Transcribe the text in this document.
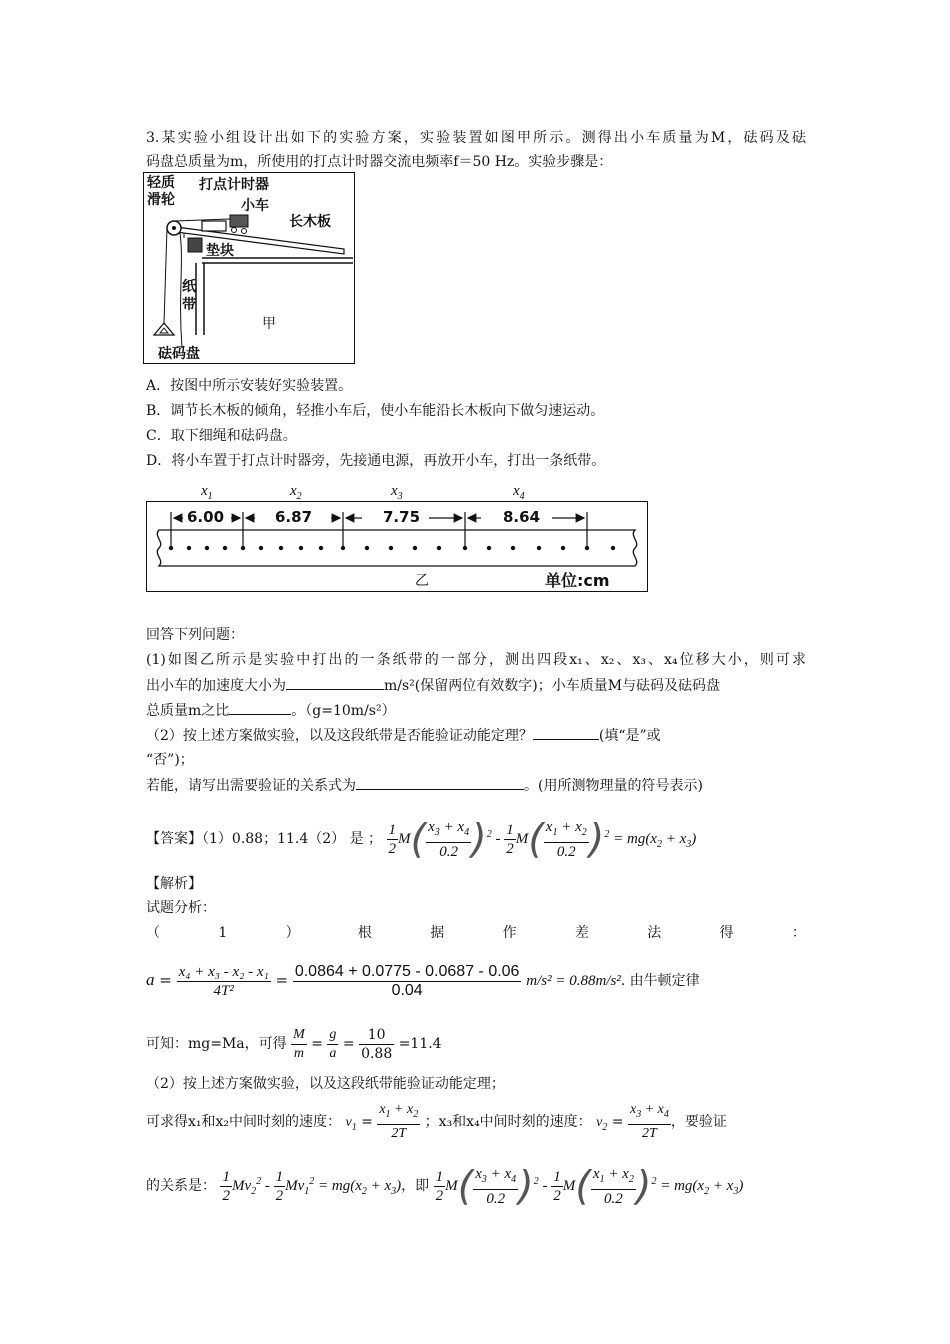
3.某实验小组设计出如下的实验方案，实验装置如图甲所示。测得出小车质量为M，砝码及砝
码盘总质量为m，所使用的打点计时器交流电频率f＝50 Hz。实验步骤是：
轻质
滑轮
打点计时器
小车
长木板
垫块
纸
带
砝码盘
甲
A．按图中所示安装好实验装置。
B．调节长木板的倾角，轻推小车后，使小车能沿长木板向下做匀速运动。
C．取下细绳和砝码盘。
D．将小车置于打点计时器旁，先接通电源，再放开小车，打出一条纸带。
$x_1$	$x_2$	$x_3$	$x_4$
6.00	6.87	7.75	8.64
乙	单位:cm
回答下列问题：
(1)如图乙所示是实验中打出的一条纸带的一部分，测出四段x₁、x₂、x₃、x₄位移大小，则可求
出小车的加速度大小为	m/s²(保留两位有效数字)；小车质量M与砝码及砝码盘
总质量m之比	。（g=10m/s²）
（2）按上述方案做实验，以及这段纸带是否能验证动能定理？	(填“是”或
“否”)；
若能，请写出需要验证的关系式为	。(用所测物理量的符号表示)
【答案】（1）0.88；11.4（2） 是 ； $\frac{1}{2} M( \frac{x_3 + x_4}{0.2} )^2 - \frac{1}{2} M( \frac{x_1 + x_2}{0.2} )^2 = mg(x_2 + x_3)$
【解析】
试题分析：
（	1	）	根	据	作	差	法	得	：
$a = \frac{\text{x₄ + x₃ - x₂ - x₁}}{\text{4T²}} = \frac{0.0864 + 0.0775 - 0.0687 - 0.06}{0.04} m/s^2 = 0.88m/s^2$. 由牛顿定律
可知：mg=Ma，可得 $\frac{M}{m} = \frac{g}{a} = \frac{10}{0.88} =11.4$
（2）按上述方案做实验，以及这段纸带能验证动能定理；
可求得x₁和x₂中间时刻的速度： $v_1 = \frac{x_1 + x_2}{2T}$ ；x₃和x₄中间时刻的速度： $v_2 = \frac{x_3 + x_4}{2T}$ ，要验证
的关系是： $\frac{1}{2} Mv_2^2 - \frac{1}{2} Mv_1^2 = mg(x_2 + x_3)$，即 $\frac{1}{2} M( \frac{x_3 + x_4}{0.2} )^2 - \frac{1}{2} M( \frac{x_1 + x_2}{0.2} )^2 = mg(x_2 + x_3)$
